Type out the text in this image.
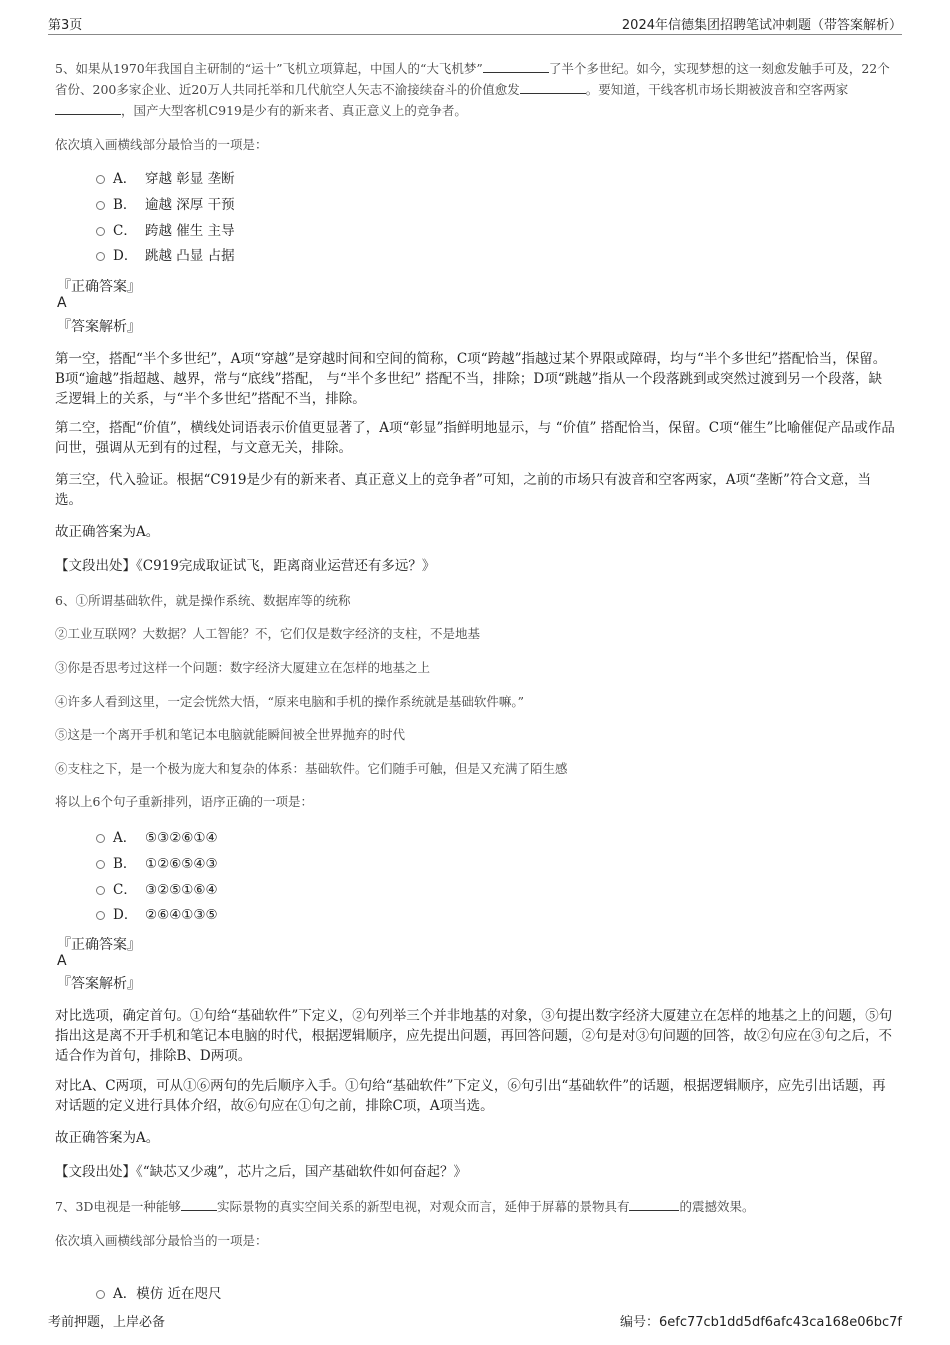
第3页	2024年信德集团招聘笔试冲刺题（带答案解析）
5、如果从1970年我国自主研制的“运十”飞机立项算起，中国人的“大飞机梦”	了半个多世纪。如今，实现梦想的这一刻愈发触手可及，22个省份、200多家企业、近20万人共同托举和几代航空人矢志不渝接续奋斗的价值愈发	。要知道，干线客机市场长期被波音和空客两家，国产大型客机C919是少有的新来者、真正意义上的竞争者。
依次填入画横线部分最恰当的一项是：
A． 穿越 彰显 垄断
B． 逾越 深厚 干预
C． 跨越 催生 主导
D． 跳越 凸显 占据
『正确答案』
A
『答案解析』
第一空，搭配“半个多世纪”，A项“穿越”是穿越时间和空间的简称，C项“跨越”指越过某个界限或障碍，均与“半个多世纪”搭配恰当，保留。B项“逾越”指超越、越界，常与“底线”搭配， 与“半个多世纪” 搭配不当，排除；D项“跳越”指从一个段落跳到或突然过渡到另一个段落，缺乏逻辑上的关系，与“半个多世纪”搭配不当，排除。
第二空，搭配“价值”，横线处词语表示价值更显著了，A项“彰显”指鲜明地显示，与 “价值” 搭配恰当，保留。C项“催生”比喻催促产品或作品问世，强调从无到有的过程，与文意无关，排除。
第三空，代入验证。根据“C919是少有的新来者、真正意义上的竞争者”可知，之前的市场只有波音和空客两家，A项“垄断”符合文意，当选。
故正确答案为A。
【文段出处】《C919完成取证试飞，距离商业运营还有多远？》
6、①所谓基础软件，就是操作系统、数据库等的统称
②工业互联网？大数据？人工智能？不，它们仅是数字经济的支柱，不是地基
③你是否思考过这样一个问题：数字经济大厦建立在怎样的地基之上
④许多人看到这里，一定会恍然大悟，“原来电脑和手机的操作系统就是基础软件嘛。”
⑤这是一个离开手机和笔记本电脑就能瞬间被全世界抛弃的时代
⑥支柱之下，是一个极为庞大和复杂的体系：基础软件。它们随手可触，但是又充满了陌生感
将以上6个句子重新排列，语序正确的一项是：
A． ⑤③②⑥①④
B． ①②⑥⑤④③
C． ③②⑤①⑥④
D． ②⑥④①③⑤
『正确答案』
A
『答案解析』
对比选项，确定首句。①句给“基础软件”下定义，②句列举三个并非地基的对象，③句提出数字经济大厦建立在怎样的地基之上的问题，⑤句指出这是离不开手机和笔记本电脑的时代，根据逻辑顺序，应先提出问题，再回答问题，②句是对③句问题的回答，故②句应在③句之后，不适合作为首句，排除B、D两项。
对比A、C两项，可从①⑥两句的先后顺序入手。①句给“基础软件”下定义，⑥句引出“基础软件”的话题，根据逻辑顺序，应先引出话题，再对话题的定义进行具体介绍，故⑥句应在①句之前，排除C项，A项当选。
故正确答案为A。
【文段出处】《“缺芯又少魂”，芯片之后，国产基础软件如何奋起？》
7、3D电视是一种能够	实际景物的真实空间关系的新型电视，对观众而言，延伸于屏幕的景物具有	的震撼效果。
依次填入画横线部分最恰当的一项是：
A．模仿 近在咫尺
考前押题，上岸必备	编号：6efc77cb1dd5df6afc43ca168e06bc7f
